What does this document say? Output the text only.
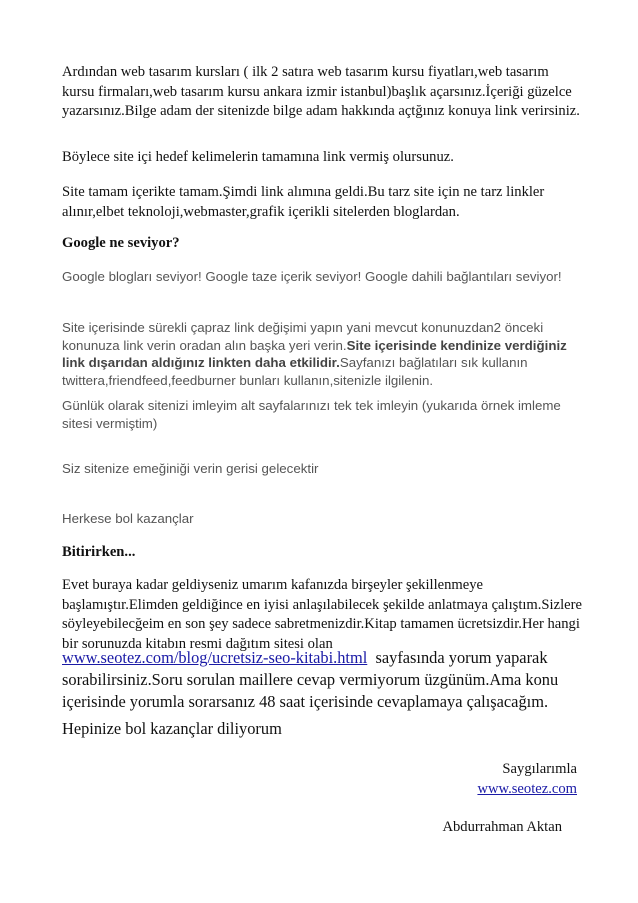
Ardından web tasarım kursları ( ilk 2 satıra web tasarım kursu fiyatları,web tasarım kursu firmaları,web tasarım kursu ankara izmir istanbul)başlık açarsınız.İçeriği güzelce yazarsınız.Bilge adam der sitenizde bilge adam hakkında açtğınız konuya link verirsiniz.

Böylece site içi hedef kelimelerin tamamına link vermiş olursunuz.

Site tamam içerikte tamam.Şimdi link alımına geldi.Bu tarz site için ne tarz linkler alınır,elbet teknoloji,webmaster,grafik içerikli sitelerden bloglardan.

Google ne seviyor?

Google blogları seviyor! Google taze içerik seviyor! Google dahili bağlantıları seviyor!

Site içerisinde sürekli çapraz link değişimi yapın yani mevcut konunuzdan2 önceki konunuza link verin oradan alın başka yeri verin.Site içerisinde kendinize verdiğiniz link dışarıdan aldığınız linkten daha etkilidir.Sayfanızı bağlatıları sık kullanın twittera,friendfeed,feedburner bunları kullanın,sitenizle ilgilenin.

Günlük olarak sitenizi imleyim alt sayfalarınızı tek tek imleyin (yukarıda örnek imleme sitesi vermiştim)

Siz sitenize emeğiniği verin gerisi gelecektir

Herkese bol kazançlar

Bitirirken...

Evet buraya kadar geldiyseniz umarım kafanızda birşeyler şekillenmeye başlamıştır.Elimden geldiğince en iyisi anlaşılabilecek şekilde anlatmaya çalıştım.Sizlere söyleyebilecğeim en son şey sadece sabretmenizdir.Kitap tamamen ücretsizdir.Her hangi bir sorunuzda kitabın resmi dağıtım sitesi olan

www.seotez.com/blog/ucretsiz-seo-kitabi.html  sayfasında yorum yaparak
sorabilirsiniz.Soru sorulan maillere cevap vermiyorum üzgünüm.Ama konu içerisinde yorumla sorarsanız 48 saat içerisinde cevaplamaya çalışacağım.

Hepinize bol kazançlar diliyorum

Saygılarımla

www.seotez.com

Abdurrahman Aktan
